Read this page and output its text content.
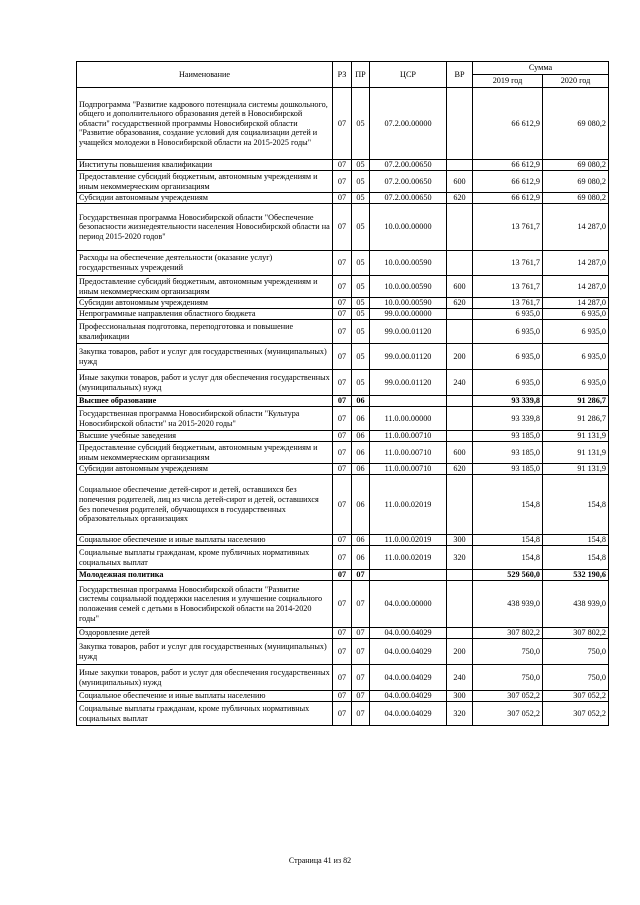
Наименование	РЗ	ПР	ЦСР	ВР	Сумма	
					2019 год	2020 год
Подпрограмма "Развитие кадрового потенциала системы дошкольного, общего и дополнительного образования детей в Новосибирской области" государственной программы Новосибирской области "Развитие образования, создание условий для социализации детей и учащейся молодежи в Новосибирской области на 2015-2025 годы"	07	05	07.2.00.00000		66 612,9	69 080,2
Институты повышения квалификации	07	05	07.2.00.00650		66 612,9	69 080,2
Предоставление субсидий бюджетным, автономным учреждениям и иным некоммерческим организациям	07	05	07.2.00.00650	600	66 612,9	69 080,2
Субсидии автономным учреждениям	07	05	07.2.00.00650	620	66 612,9	69 080,2
Государственная программа Новосибирской области "Обеспечение безопасности жизнедеятельности населения Новосибирской области на период 2015-2020 годов"	07	05	10.0.00.00000		13 761,7	14 287,0
Расходы на обеспечение деятельности (оказание услуг) государственных учреждений	07	05	10.0.00.00590		13 761,7	14 287,0
Предоставление субсидий бюджетным, автономным учреждениям и иным некоммерческим организациям	07	05	10.0.00.00590	600	13 761,7	14 287,0
Субсидии автономным учреждениям	07	05	10.0.00.00590	620	13 761,7	14 287,0
Непрограммные направления областного бюджета	07	05	99.0.00.00000		6 935,0	6 935,0
Профессиональная подготовка, переподготовка и повышение квалификации	07	05	99.0.00.01120		6 935,0	6 935,0
Закупка товаров, работ и услуг для государственных (муниципальных) нужд	07	05	99.0.00.01120	200	6 935,0	6 935,0
Иные закупки товаров, работ и услуг для обеспечения государственных (муниципальных) нужд	07	05	99.0.00.01120	240	6 935,0	6 935,0
Высшее образование	07	06			93 339,8	91 286,7
Государственная программа Новосибирской области "Культура Новосибирской области" на 2015-2020 годы"	07	06	11.0.00.00000		93 339,8	91 286,7
Высшие учебные заведения	07	06	11.0.00.00710		93 185,0	91 131,9
Предоставление субсидий бюджетным, автономным учреждениям и иным некоммерческим организациям	07	06	11.0.00.00710	600	93 185,0	91 131,9
Субсидии автономным учреждениям	07	06	11.0.00.00710	620	93 185,0	91 131,9
Социальное обеспечение детей-сирот и детей, оставшихся без попечения родителей, лиц из числа детей-сирот и детей, оставшихся без попечения родителей, обучающихся в государственных образовательных организациях	07	06	11.0.00.02019		154,8	154,8
Социальное обеспечение и иные выплаты населению	07	06	11.0.00.02019	300	154,8	154,8
Социальные выплаты гражданам, кроме публичных нормативных социальных выплат	07	06	11.0.00.02019	320	154,8	154,8
Молодежная политика	07	07			529 560,0	532 190,6
Государственная программа Новосибирской области "Развитие системы социальной поддержки населения и улучшение социального положения семей с детьми в Новосибирской области на 2014-2020 годы"	07	07	04.0.00.00000		438 939,0	438 939,0
Оздоровление детей	07	07	04.0.00.04029		307 802,2	307 802,2
Закупка товаров, работ и услуг для государственных (муниципальных) нужд	07	07	04.0.00.04029	200	750,0	750,0
Иные закупки товаров, работ и услуг для обеспечения государственных (муниципальных) нужд	07	07	04.0.00.04029	240	750,0	750,0
Социальное обеспечение и иные выплаты населению	07	07	04.0.00.04029	300	307 052,2	307 052,2
Социальные выплаты гражданам, кроме публичных нормативных социальных выплат	07	07	04.0.00.04029	320	307 052,2	307 052,2
Страница 41 из 82
